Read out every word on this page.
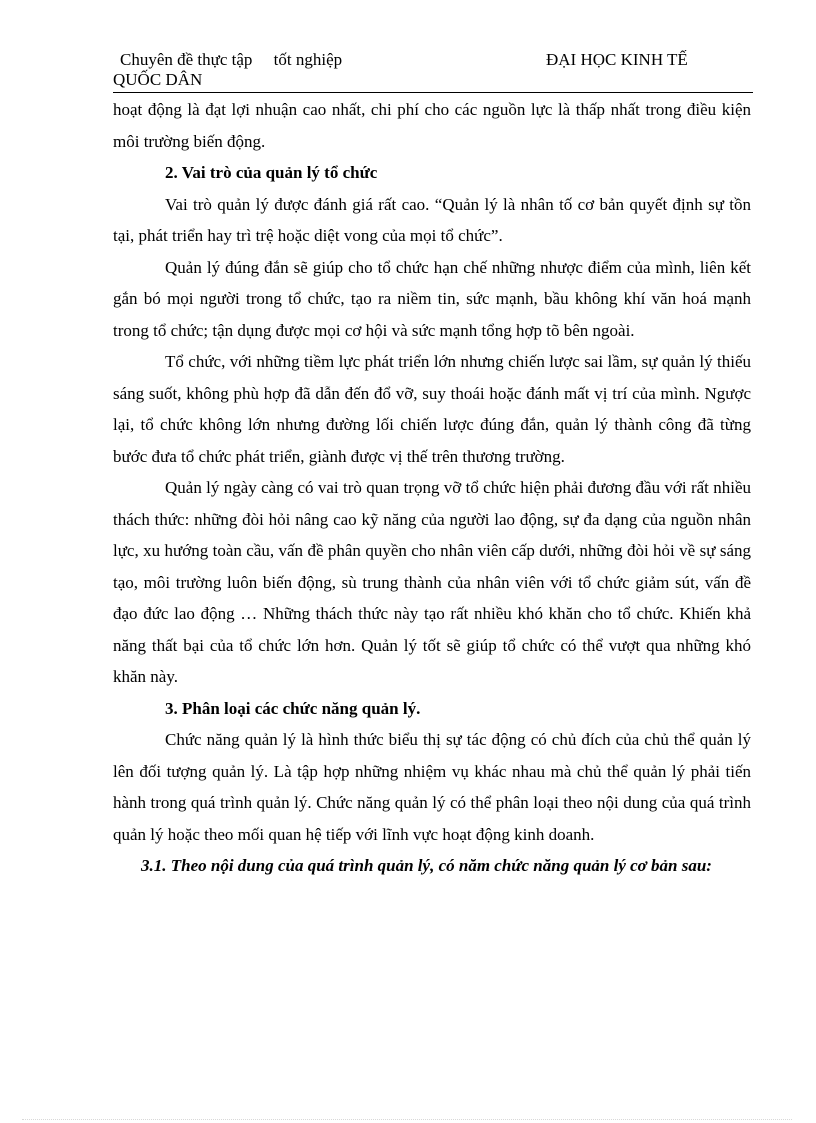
Chuyên đề thực tập     tốt nghiệp	ĐẠI HỌC KINH TẾ
QUỐC DÂN

hoạt động là đạt lợi nhuận cao nhất, chi phí cho các nguồn lực là thấp nhất trong điều kiện môi trường biến động.

2. Vai trò của quản lý tổ chức

Vai trò quản lý được đánh giá rất cao. “Quản lý là nhân tố cơ bản quyết định sự tồn tại, phát triển hay trì trệ hoặc diệt vong của mọi tổ chức”.

Quản lý đúng đắn sẽ giúp cho tổ chức hạn chế những nhược điểm của mình, liên kết gắn bó mọi người trong tổ chức, tạo ra niềm tin, sức mạnh, bầu không khí văn hoá mạnh trong tổ chức; tận dụng được mọi cơ hội và sức mạnh tổng hợp tõ bên ngoài.

Tổ chức, với những tiềm lực phát triển lớn nhưng chiến lược sai lầm, sự quản lý thiếu sáng suốt, không phù hợp đã dẫn đến đổ vỡ, suy thoái hoặc đánh mất vị trí của mình. Ngược lại, tổ chức không lớn nhưng đường lối chiến lược đúng đắn, quản lý thành công đã từng bước đưa tổ chức phát triển, giành được vị thế trên thương trường.

Quản lý ngày càng có vai trò quan trọng vỡ tổ chức hiện phải đương đầu với rất nhiều thách thức: những đòi hỏi nâng cao kỹ năng của người lao động, sự đa dạng của nguồn nhân lực, xu hướng toàn cầu, vấn đề phân quyền cho nhân viên cấp dưới, những đòi hỏi về sự sáng tạo, môi trường luôn biến động, sù trung thành của nhân viên với tổ chức giảm sút, vấn đề đạo đức lao động … Những thách thức này tạo rất nhiều khó khăn cho tổ chức. Khiến khả năng thất bại của tổ chức lớn hơn. Quản lý tốt sẽ giúp tổ chức có thể vượt qua những khó khăn này.

3. Phân loại các chức năng quản lý.

Chức năng quản lý là hình thức biểu thị sự tác động có chủ đích của chủ thể quản lý lên đối tượng quản lý. Là tập hợp những nhiệm vụ khác nhau mà chủ thể quản lý phải tiến hành trong quá trình quản lý. Chức năng quản lý có thể phân loại theo nội dung của quá trình quản lý hoặc theo mối quan hệ tiếp với lĩnh vực hoạt động kinh doanh.

3.1. Theo nội dung của quá trình quản lý, có năm chức năng quản lý cơ bản sau:
